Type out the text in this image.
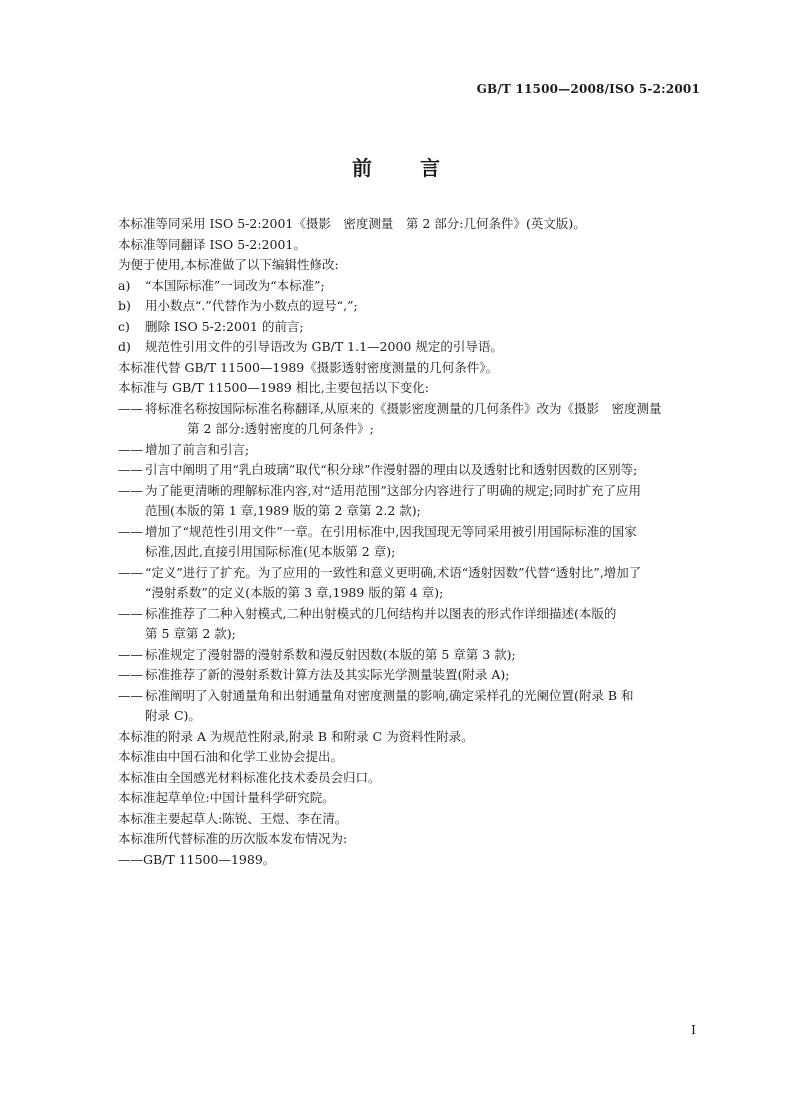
GB/T 11500—2008/ISO 5-2:2001
前 言
本标准等同采用 ISO 5-2:2001《摄影　密度测量　第 2 部分:几何条件》(英文版)。
本标准等同翻译 ISO 5-2:2001。
为便于使用,本标准做了以下编辑性修改:
a)	“本国际标准”一词改为“本标准”;
b)	用小数点“.”代替作为小数点的逗号“,”;
c)	删除 ISO 5-2:2001 的前言;
d)	规范性引用文件的引导语改为 GB/T 1.1—2000 规定的引导语。
本标准代替 GB/T 11500—1989《摄影透射密度测量的几何条件》。
本标准与 GB/T 11500—1989 相比,主要包括以下变化:
—— 将标准名称按国际标准名称翻译,从原来的《摄影密度测量的几何条件》改为《摄影　密度测量
第 2 部分:透射密度的几何条件》;
—— 增加了前言和引言;
—— 引言中阐明了用“乳白玻璃”取代“积分球”作漫射器的理由以及透射比和透射因数的区别等;
—— 为了能更清晰的理解标准内容,对“适用范围”这部分内容进行了明确的规定;同时扩充了应用
范围(本版的第 1 章,1989 版的第 2 章第 2.2 款);
—— 增加了“规范性引用文件”一章。在引用标准中,因我国现无等同采用被引用国际标准的国家
标准,因此,直接引用国际标准(见本版第 2 章);
—— “定义”进行了扩充。为了应用的一致性和意义更明确,术语“透射因数”代替“透射比”,增加了
“漫射系数”的定义(本版的第 3 章,1989 版的第 4 章);
—— 标准推荐了二种入射模式,二种出射模式的几何结构并以图表的形式作详细描述(本版的
第 5 章第 2 款);
—— 标准规定了漫射器的漫射系数和漫反射因数(本版的第 5 章第 3 款);
—— 标准推荐了新的漫射系数计算方法及其实际光学测量装置(附录 A);
—— 标准阐明了入射通量角和出射通量角对密度测量的影响,确定采样孔的光阑位置(附录 B 和
附录 C)。
本标准的附录 A 为规范性附录,附录 B 和附录 C 为资料性附录。
本标准由中国石油和化学工业协会提出。
本标准由全国感光材料标准化技术委员会归口。
本标准起草单位:中国计量科学研究院。
本标准主要起草人:陈锐、王煜、李在清。
本标准所代替标准的历次版本发布情况为:
——GB/T 11500—1989。
I
